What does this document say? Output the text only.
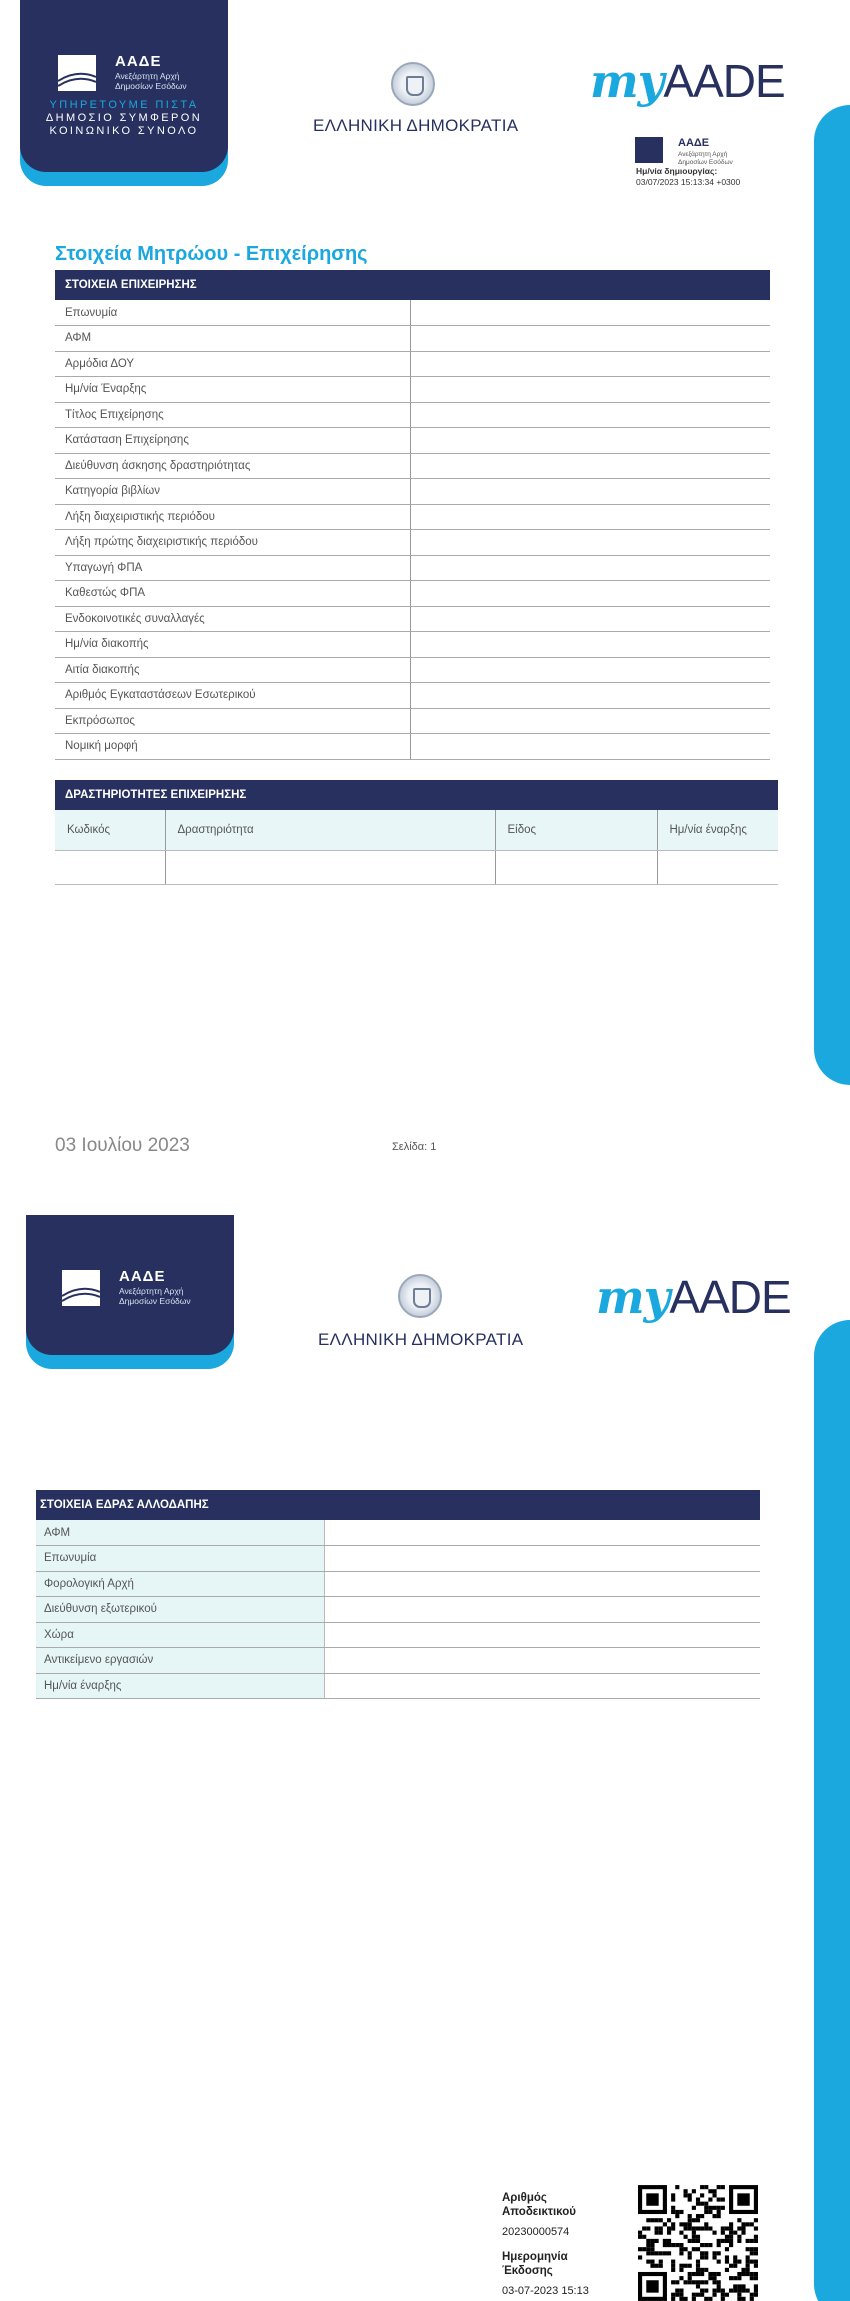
ΑΑΔΕ
Ανεξάρτητη Αρχή
Δημοσίων Εσόδων
ΥΠΗΡΕΤΟΥΜΕ ΠΙΣΤΑ
ΔΗΜΟΣΙΟ ΣΥΜΦΕΡΟΝ
ΚΟΙΝΩΝΙΚΟ ΣΥΝΟΛΟ	ΕΛΛΗΝΙΚΗ ΔΗΜΟΚΡΑΤΙΑ
myAADE
ΑΑΔΕ
Ανεξάρτητη Αρχή
Δημοσίων Εσόδων
Ημ/νία δημιουργίας:
03/07/2023 15:13:34 +0300
Στοιχεία Μητρώου - Επιχείρησης
ΣΤΟΙΧΕΙΑ ΕΠΙΧΕΙΡΗΣΗΣ	
Επωνυμία	
ΑΦΜ	
Αρμόδια ΔΟΥ	
Ημ/νία Έναρξης	
Τίτλος Επιχείρησης	
Κατάσταση Επιχείρησης	
Διεύθυνση άσκησης δραστηριότητας	
Κατηγορία βιβλίων	
Λήξη διαχειριστικής περιόδου	
Λήξη πρώτης διαχειριστικής περιόδου	
Υπαγωγή ΦΠΑ	
Καθεστώς ΦΠΑ	
Ενδοκοινοτικές συναλλαγές	
Ημ/νία διακοπής	
Αιτία διακοπής	
Αριθμός Εγκαταστάσεων Εσωτερικού	
Εκπρόσωπος	
Νομική μορφή	
ΔΡΑΣΤΗΡΙΟΤΗΤΕΣ ΕΠΙΧΕΙΡΗΣΗΣ			
Κωδικός	Δραστηριότητα	Είδος	Ημ/νία έναρξης

03 Ιουλίου 2023	Σελίδα: 1
ΑΑΔΕ
Ανεξάρτητη Αρχή
Δημοσίων Εσόδων
ΕΛΛΗΝΙΚΗ ΔΗΜΟΚΡΑΤΙΑ
myAADE
ΣΤΟΙΧΕΙΑ ΕΔΡΑΣ ΑΛΛΟΔΑΠΗΣ	
ΑΦΜ	
Επωνυμία	
Φορολογική Αρχή	
Διεύθυνση εξωτερικού	
Χώρα	
Αντικείμενο εργασιών	
Ημ/νία έναρξης	
Αριθμός
Αποδεικτικού
20230000574
Ημερομηνία
Έκδοσης
03-07-2023 15:13
